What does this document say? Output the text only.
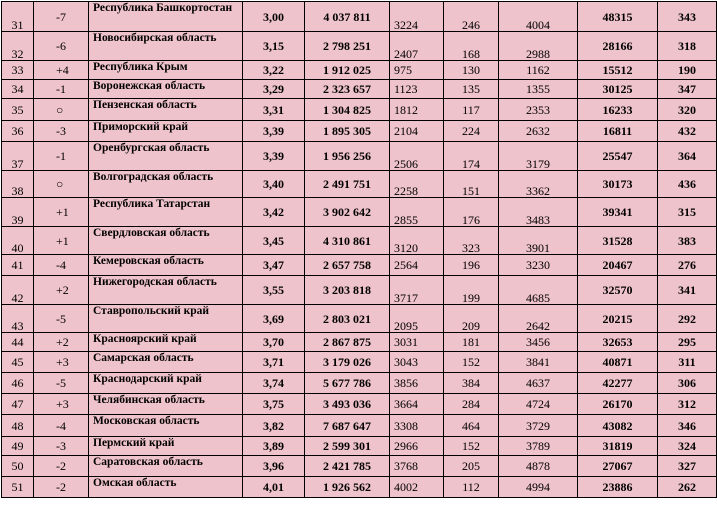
31	-7	Республика Башкортостан	3,00	4 037 811	3224	246	4004	48315	343
32	-6	Новосибирская область	3,15	2 798 251	2407	168	2988	28166	318
33	+4	Республика Крым	3,22	1 912 025	975	130	1162	15512	190
34	-1	Воронежская область	3,29	2 323 657	1123	135	1355	30125	347
35	○	Пензенская область	3,31	1 304 825	1812	117	2353	16233	320
36	-3	Приморский край	3,39	1 895 305	2104	224	2632	16811	432
37	-1	Оренбургская область	3,39	1 956 256	2506	174	3179	25547	364
38	○	Волгоградская область	3,40	2 491 751	2258	151	3362	30173	436
39	+1	Республика Татарстан	3,42	3 902 642	2855	176	3483	39341	315
40	+1	Свердловская область	3,45	4 310 861	3120	323	3901	31528	383
41	-4	Кемеровская область	3,47	2 657 758	2564	196	3230	20467	276
42	+2	Нижегородская область	3,55	3 203 818	3717	199	4685	32570	341
43	-5	Ставропольский край	3,69	2 803 021	2095	209	2642	20215	292
44	+2	Красноярский край	3,70	2 867 875	3031	181	3456	32653	295
45	+3	Самарская область	3,71	3 179 026	3043	152	3841	40871	311
46	-5	Краснодарский край	3,74	5 677 786	3856	384	4637	42277	306
47	+3	Челябинская область	3,75	3 493 036	3664	284	4724	26170	312
48	-4	Московская область	3,82	7 687 647	3308	464	3729	43082	346
49	-3	Пермский край	3,89	2 599 301	2966	152	3789	31819	324
50	-2	Саратовская область	3,96	2 421 785	3768	205	4878	27067	327
51	-2	Омская область	4,01	1 926 562	4002	112	4994	23886	262
